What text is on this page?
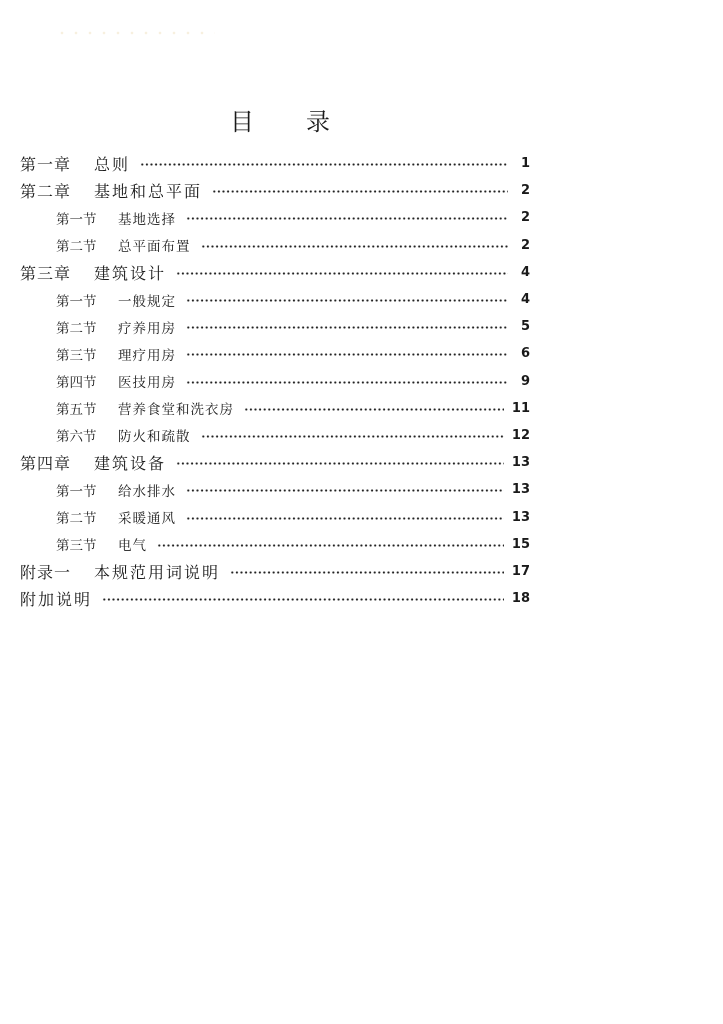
目 录
第一章	总则	1
第二章	基地和总平面	2
第一节	基地选择	2
第二节	总平面布置	2
第三章	建筑设计	4
第一节	一般规定	4
第二节	疗养用房	5
第三节	理疗用房	6
第四节	医技用房	9
第五节	营养食堂和洗衣房	11
第六节	防火和疏散	12
第四章	建筑设备	13
第一节	给水排水	13
第二节	采暖通风	13
第三节	电气	15
附录一	本规范用词说明	17
附加说明	18
